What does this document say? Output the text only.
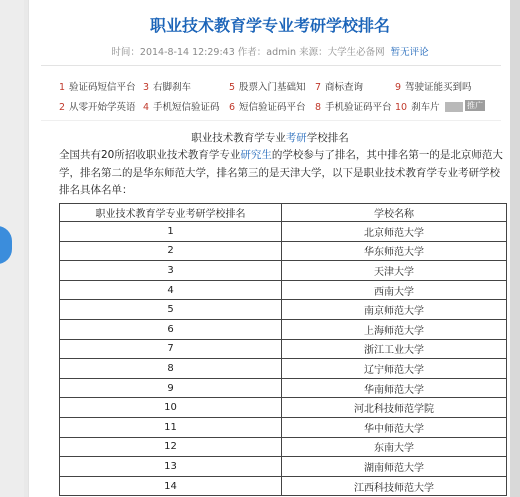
职业技术教育学专业考研学校排名
时间：2014-8-14 12:29:43 作者：admin 来源：大学生必备网 暂无评论
1 验证码短信平台 3 右脚刹车	5 股票入门基础知 7 商标查询	9 驾驶证能买到吗
2 从零开始学英语 4 手机短信验证码 6 短信验证码平台 8 手机验证码平台 10 刹车片	推广
职业技术教育学专业考研学校排名
全国共有20所招收职业技术教育学专业研究生的学校参与了排名，其中排名第一的是北京师范大学，排名第二的是华东师范大学，排名第三的是天津大学，以下是职业技术教育学专业考研学校排名具体名单：
职业技术教育学专业考研学校排名	学校名称
1	北京师范大学
2	华东师范大学
3	天津大学
4	西南大学
5	南京师范大学
6	上海师范大学
7	浙江工业大学
8	辽宁师范大学
9	华南师范大学
10	河北科技师范学院
11	华中师范大学
12	东南大学
13	湖南师范大学
14	江西科技师范大学
